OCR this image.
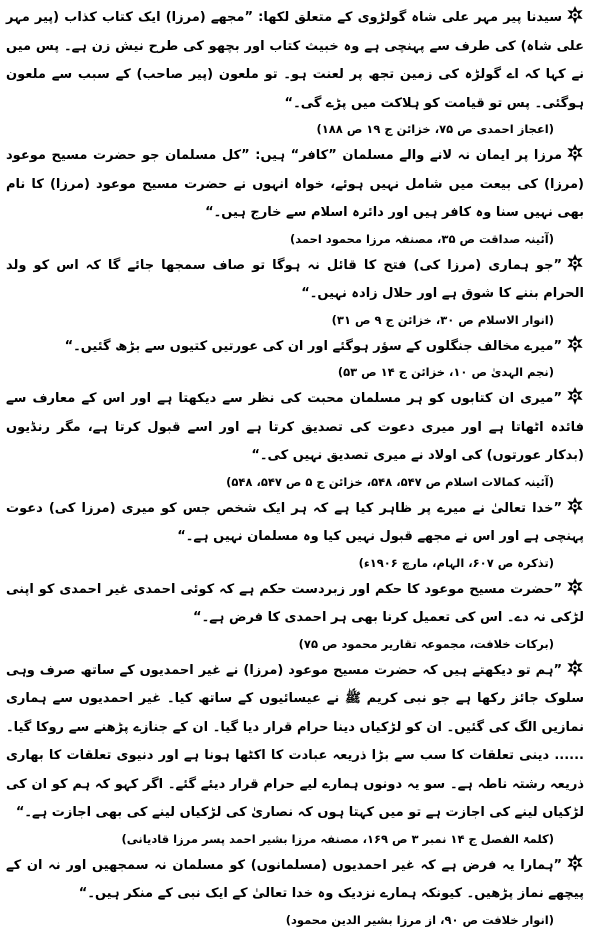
سیدنا پیر مہر علی شاہ گولڑوی کے متعلق لکھا: ”مجھے (مرزا) ایک کتاب کذاب (پیر مہر علی شاہ) کی طرف سے پہنچی ہے وہ خبیث کتاب اور بچھو کی طرح نیش زن ہے۔ پس میں نے کہا کہ اے گولڑہ کی زمین تجھ پر لعنت ہو۔ تو ملعون (پیر صاحب) کے سبب سے ملعون ہوگئی۔ پس تو قیامت کو ہلاکت میں پڑے گی۔“

(اعجاز احمدی ص ۷۵، خزائن ج ۱۹ ص ۱۸۸)

مرزا پر ایمان نہ لانے والے مسلمان ”کافر“ ہیں: ”کل مسلمان جو حضرت مسیح موعود (مرزا) کی بیعت میں شامل نہیں ہوئے، خواہ انہوں نے حضرت مسیح موعود (مرزا) کا نام بھی نہیں سنا وہ کافر ہیں اور دائرہ اسلام سے خارج ہیں۔“

(آئینہ صداقت ص ۳۵، مصنفہ مرزا محمود احمد)

”جو ہماری (مرزا کی) فتح کا قائل نہ ہوگا تو صاف سمجھا جائے گا کہ اس کو ولد الحرام بننے کا شوق ہے اور حلال زادہ نہیں۔“

(انوار الاسلام ص ۳۰، خزائن ج ۹ ص ۳۱)

”میرے مخالف جنگلوں کے سؤر ہوگئے اور ان کی عورتیں کتیوں سے بڑھ گئیں۔“

(نجم الہدیٰ ص ۱۰، خزائن ج ۱۴ ص ۵۳)

”میری ان کتابوں کو ہر مسلمان محبت کی نظر سے دیکھتا ہے اور اس کے معارف سے فائدہ اٹھاتا ہے اور میری دعوت کی تصدیق کرتا ہے اور اسے قبول کرتا ہے، مگر رنڈیوں (بدکار عورتوں) کی اولاد نے میری تصدیق نہیں کی۔“

(آئینہ کمالات اسلام ص ۵۴۷، ۵۴۸، خزائن ج ۵ ص ۵۴۷، ۵۴۸)

”خدا تعالیٰ نے میرے پر ظاہر کیا ہے کہ ہر ایک شخص جس کو میری (مرزا کی) دعوت پہنچی ہے اور اس نے مجھے قبول نہیں کیا وہ مسلمان نہیں ہے۔“

(تذکرہ ص ۶۰۷، الہام، مارچ ۱۹۰۶ء)

”حضرت مسیح موعود کا حکم اور زبردست حکم ہے کہ کوئی احمدی غیر احمدی کو اپنی لڑکی نہ دے۔ اس کی تعمیل کرنا بھی ہر احمدی کا فرض ہے۔“

(برکات خلافت، مجموعہ تقاریر محمود ص ۷۵)

”ہم تو دیکھتے ہیں کہ حضرت مسیح موعود (مرزا) نے غیر احمدیوں کے ساتھ صرف وہی سلوک جائز رکھا ہے جو نبی کریم ﷺ نے عیسائیوں کے ساتھ کیا۔ غیر احمدیوں سے ہماری نمازیں الگ کی گئیں۔ ان کو لڑکیاں دینا حرام قرار دیا گیا۔ ان کے جنازے پڑھنے سے روکا گیا۔ ...... دینی تعلقات کا سب سے بڑا ذریعہ عبادت کا اکٹھا ہونا ہے اور دنیوی تعلقات کا بھاری ذریعہ رشتہ ناطہ ہے۔ سو یہ دونوں ہمارے لیے حرام قرار دیئے گئے۔ اگر کہو کہ ہم کو ان کی لڑکیاں لینے کی اجازت ہے تو میں کہتا ہوں کہ نصاریٰ کی لڑکیاں لینے کی بھی اجازت ہے۔“

(کلمۃ الفصل ج ۱۴ نمبر ۳ ص ۱۶۹، مصنفہ مرزا بشیر احمد پسر مرزا قادیانی)

”ہمارا یہ فرض ہے کہ غیر احمدیوں (مسلمانوں) کو مسلمان نہ سمجھیں اور نہ ان کے پیچھے نماز پڑھیں۔ کیونکہ ہمارے نزدیک وہ خدا تعالیٰ کے ایک نبی کے منکر ہیں۔“

(انوار خلافت ص ۹۰، از مرزا بشیر الدین محمود)
